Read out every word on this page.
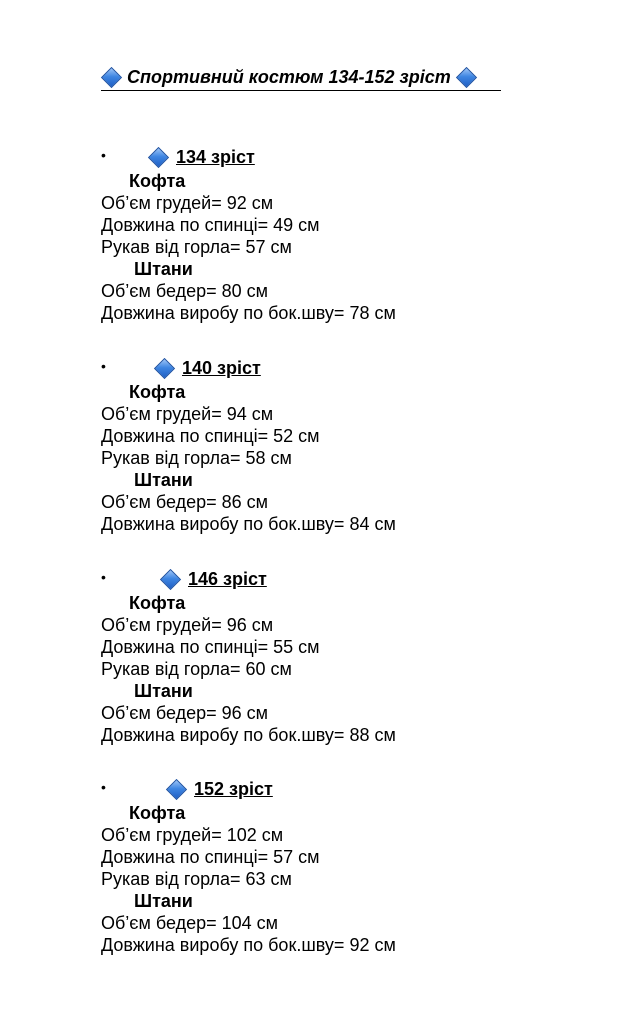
Спортивний костюм 134-152 зріст
•	134 зріст
Кофта
Об’єм грудей= 92 см
Довжина по спинці= 49 см
Рукав від горла= 57 см
Штани
Об’єм бедер= 80 см
Довжина виробу по бок.шву= 78 см
•	140 зріст
Кофта
Об’єм грудей= 94 см
Довжина по спинці= 52 см
Рукав від горла= 58 см
Штани
Об’єм бедер= 86 см
Довжина виробу по бок.шву= 84 см
•	146 зріст
Кофта
Об’єм грудей= 96 см
Довжина по спинці= 55 см
Рукав від горла= 60 см
Штани
Об’єм бедер= 96 см
Довжина виробу по бок.шву= 88 см
•	152 зріст
Кофта
Об’єм грудей= 102 см
Довжина по спинці= 57 см
Рукав від горла= 63 см
Штани
Об’єм бедер= 104 см
Довжина виробу по бок.шву= 92 см
